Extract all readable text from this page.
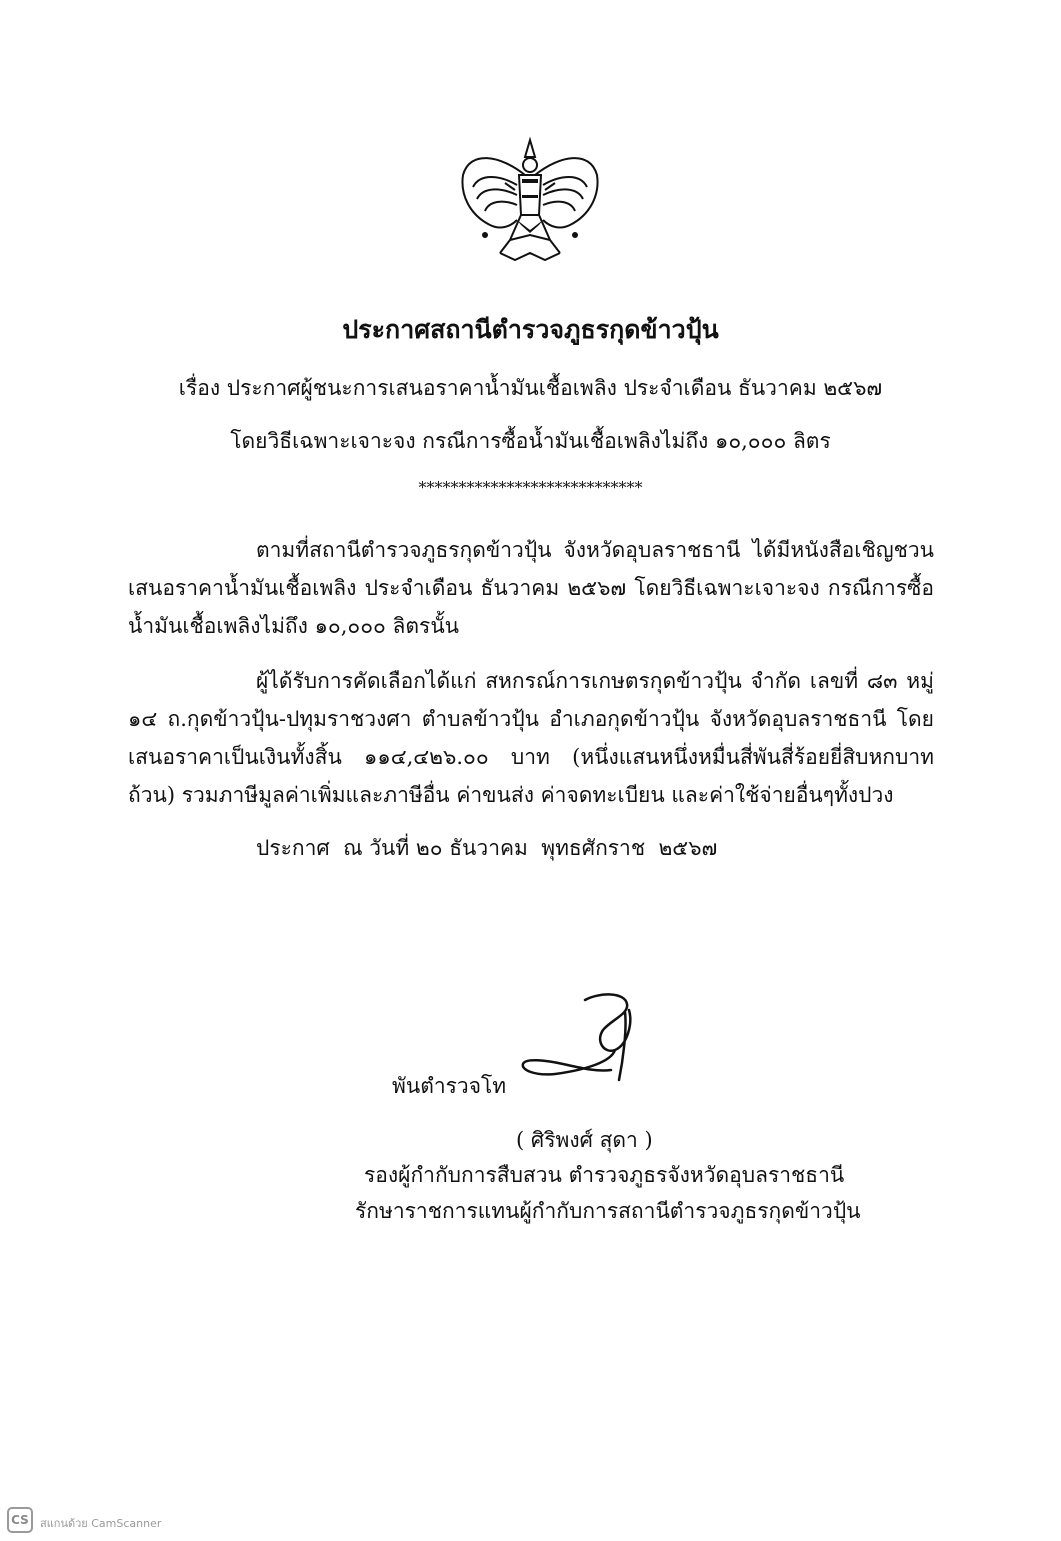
ประกาศสถานีตำรวจภูธรกุดข้าวปุ้น
เรื่อง ประกาศผู้ชนะการเสนอราคาน้ำมันเชื้อเพลิง ประจำเดือน ธันวาคม ๒๕๖๗
โดยวิธีเฉพาะเจาะจง กรณีการซื้อน้ำมันเชื้อเพลิงไม่ถึง ๑๐,๐๐๐ ลิตร
****************************

ตามที่สถานีตำรวจภูธรกุดข้าวปุ้น จังหวัดอุบลราชธานี ได้มีหนังสือเชิญชวนเสนอราคาน้ำมันเชื้อเพลิง ประจำเดือน ธันวาคม ๒๕๖๗ โดยวิธีเฉพาะเจาะจง กรณีการซื้อน้ำมันเชื้อเพลิงไม่ถึง ๑๐,๐๐๐ ลิตรนั้น

ผู้ได้รับการคัดเลือกได้แก่ สหกรณ์การเกษตรกุดข้าวปุ้น จำกัด เลขที่ ๘๓ หมู่ ๑๔ ถ.กุดข้าวปุ้น-ปทุมราชวงศา ตำบลข้าวปุ้น อำเภอกุดข้าวปุ้น จังหวัดอุบลราชธานี โดยเสนอราคาเป็นเงินทั้งสิ้น ๑๑๔,๔๒๖.๐๐ บาท (หนึ่งแสนหนึ่งหมื่นสี่พันสี่ร้อยยี่สิบหกบาทถ้วน) รวมภาษีมูลค่าเพิ่มและภาษีอื่น ค่าขนส่ง ค่าจดทะเบียน และค่าใช้จ่ายอื่นๆทั้งปวง

ประกาศ  ณ วันที่ ๒๐ ธันวาคม  พุทธศักราช  ๒๕๖๗
พันตำรวจโท
( ศิริพงศ์ สุดา )
รองผู้กำกับการสืบสวน ตำรวจภูธรจังหวัดอุบลราชธานี
รักษาราชการแทนผู้กำกับการสถานีตำรวจภูธรกุดข้าวปุ้น
CS	สแกนด้วย CamScanner
